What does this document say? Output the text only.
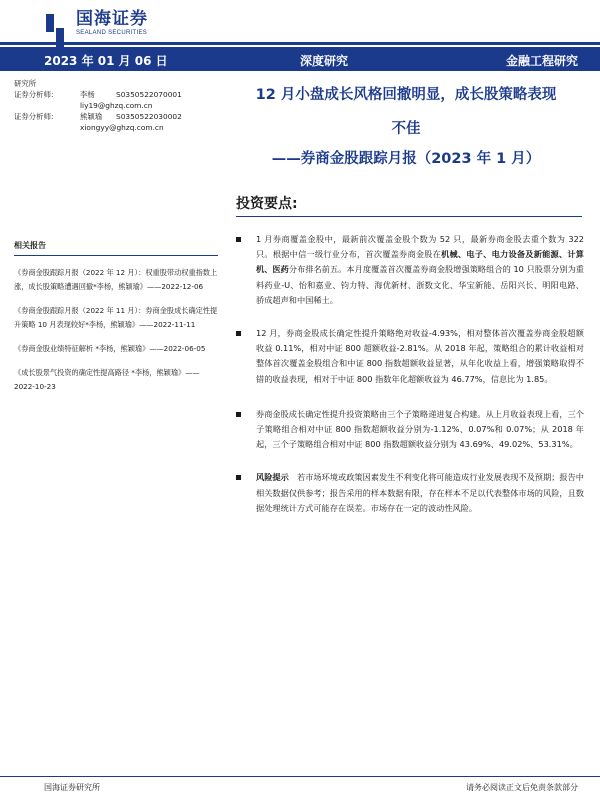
国海证券
SEALAND SECURITIES
2023 年 01 月 06 日	深度研究	金融工程研究
研究所
证券分析师:	李杨	S0350522070001
liy19@ghzq.com.cn
证券分析师:	熊颖瑜 S0350522030002
xiongyy@ghzq.com.cn
12 月小盘成长风格回撤明显，成长股策略表现
不佳
——券商金股跟踪月报（2023 年 1 月）
投资要点:
相关报告
《券商金股跟踪月报（2022 年 12 月）：权重股带动权重指数上涨，成长股策略遭遇回撤*李杨，熊颖瑜》——2022-12-06
《券商金股跟踪月报（2022 年 11 月）：券商金股成长确定性提升策略 10 月表现较好*李杨，熊颖瑜》——2022-11-11
《券商金股业绩特征解析 *李杨，熊颖瑜》——2022-06-05
《成长股景气投资的确定性提高路径 *李杨，熊颖瑜》——2022-10-23
1 月券商覆盖金股中，最新前次覆盖金股个数为 52 只，最新券商金股去重个数为 322 只。根据中信一级行业分布，首次覆盖券商金股在机械、电子、电力设备及新能源、计算机、医药分布排名前五。本月度覆盖首次覆盖券商金股增强策略组合的 10 只股票分别为重料药业-U、怡和嘉业、钧力特、海优新材、浙数文化、华宝新能、岳阳兴长、明阳电路、骄成超声和中国稀土。
12 月，券商金股成长确定性提升策略绝对收益-4.93%，相对整体首次覆盖券商金股超额收益 0.11%，相对中证 800 超额收益-2.81%。从 2018 年起，策略组合的累计收益相对整体首次覆盖金股组合和中证 800 指数超额收益显著，从年化收益上看，增强策略取得不错的收益表现，相对于中证 800 指数年化超额收益为 46.77%，信息比为 1.85。
券商金股成长确定性提升投资策略由三个子策略递进复合构建。从上月收益表现上看，三个子策略组合相对中证 800 指数超额收益分别为-1.12%、0.07%和 0.07%；从 2018 年起，三个子策略组合相对中证 800 指数超额收益分别为 43.69%、49.02%、53.31%。
风险提示　若市场环境或政策因素发生不利变化将可能造成行业发展表现不及预期；报告中相关数据仅供参考；报告采用的样本数据有限，存在样本不足以代表整体市场的风险，且数据处理统计方式可能存在误差。市场存在一定的波动性风险。
国海证券研究所	请务必阅读正文后免责条款部分
